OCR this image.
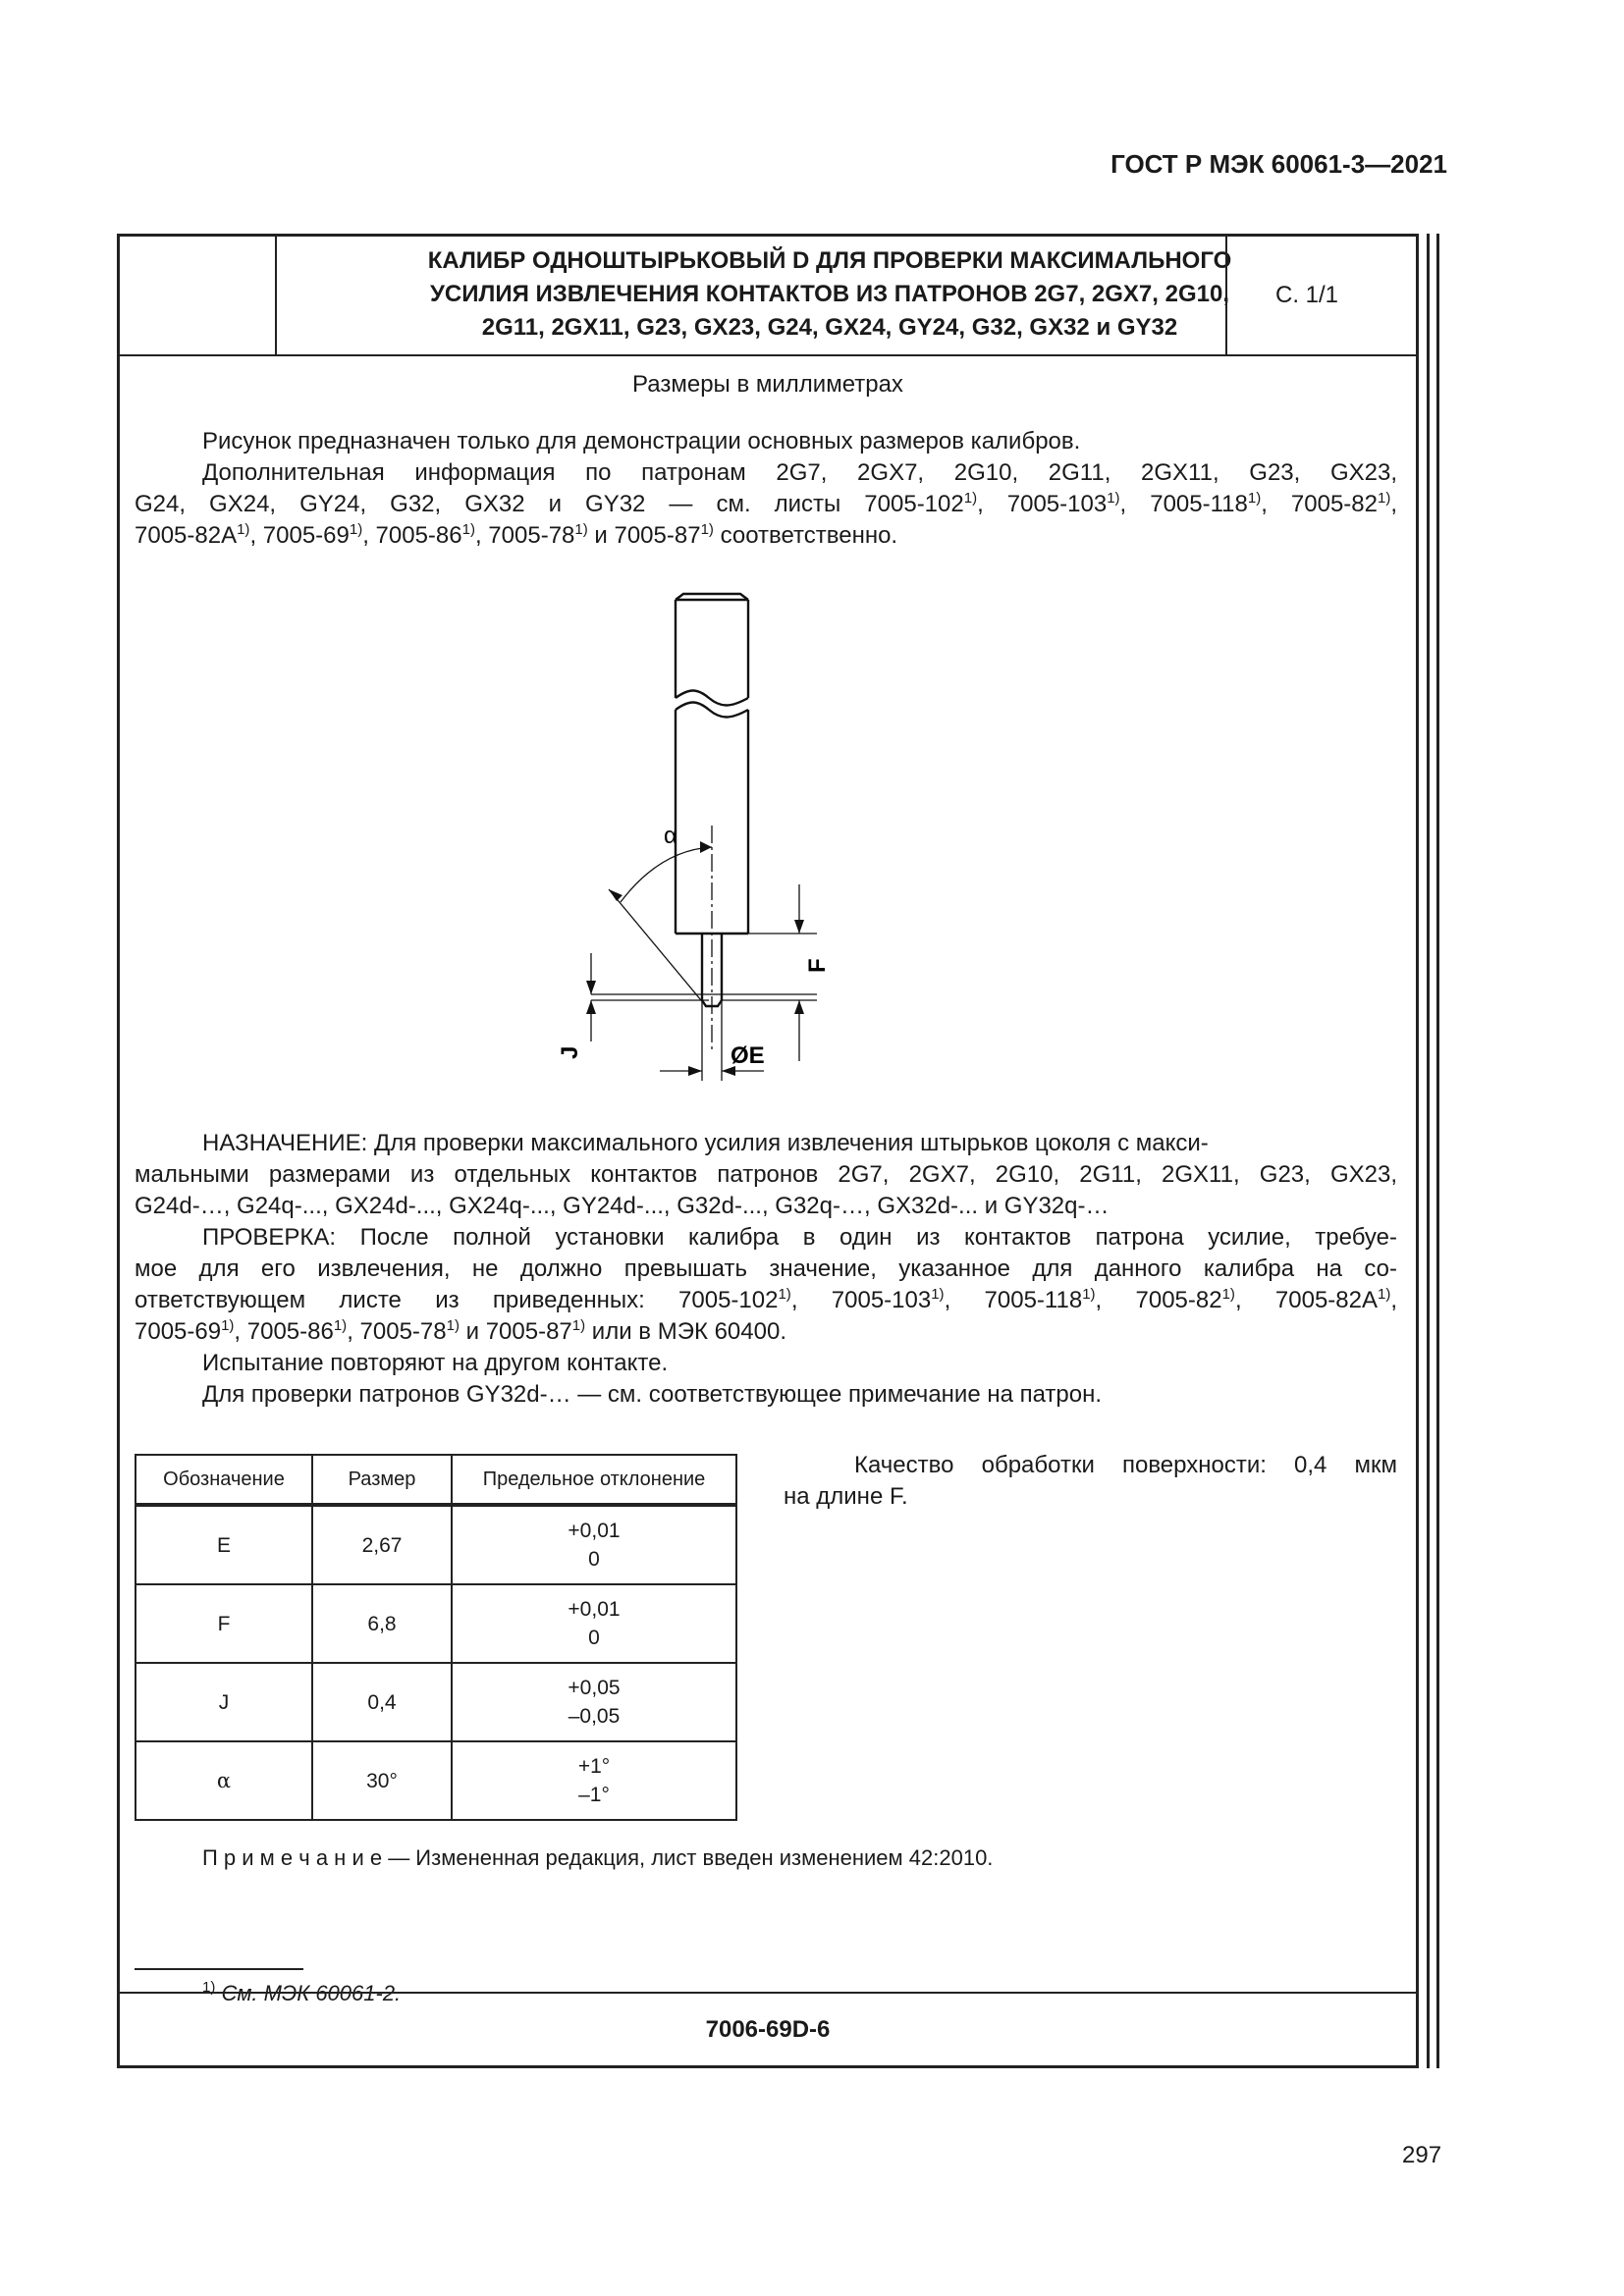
ГОСТ Р МЭК 60061-3—2021
КАЛИБР ОДНОШТЫРЬКОВЫЙ D ДЛЯ ПРОВЕРКИ МАКСИМАЛЬНОГО
УСИЛИЯ ИЗВЛЕЧЕНИЯ КОНТАКТОВ ИЗ ПАТРОНОВ 2G7, 2GX7, 2G10,
2G11, 2GX11, G23, GX23, G24, GX24, GY24, G32, GX32 и GY32
С. 1/1
Размеры в миллиметрах
Рисунок предназначен только для демонстрации основных размеров калибров.
Дополнительная информация по патронам 2G7, 2GX7, 2G10, 2G11, 2GX11, G23, GX23,
G24, GX24, GY24, G32, GX32 и GY32 — см. листы 7005-102$^{1)}$, 7005-103$^{1)}$, 7005-118$^{1)}$, 7005-82$^{1)}$,
$7005-82A^{1)}$, 7005-69$^{1)}$, 7005-86$^{1)}$, 7005-78$^{1)}$ и 7005-87$^{1)}$ соответственно.
α
F
J	ØE
НАЗНАЧЕНИЕ: Для проверки максимального усилия извлечения штырьков цоколя с макси-
мальными размерами из отдельных контактов патронов 2G7, 2GX7, 2G10, 2G11, 2GX11, G23, GX23,
G24d-…, G24q-..., GX24d-..., GX24q-..., GY24d-..., G32d-..., G32q-…, GX32d-... и GY32q-…
ПРОВЕРКА: После полной установки калибра в один из контактов патрона усилие, требуе-
мое для его извлечения, не должно превышать значение, указанное для данного калибра на со-
ответствующем листе из приведенных: 7005-102$^{1)}$, 7005-103$^{1)}$, 7005-118$^{1)}$, 7005-82$^{1)}$, $7005-82A^{1)}$,
7005-69$^{1)}$, 7005-86$^{1)}$, 7005-78$^{1)}$ и 7005-87$^{1)}$ или в МЭК 60400.
Испытание повторяют на другом контакте.
Для проверки патронов GY32d-… — см. соответствующее примечание на патрон.
Обозначение	Размер	Предельное отклонение
E	2,67	+0,01
0

F	6,8	+0,01
0

J	0,4	+0,05
–0,05

α	30°	+1°
–1°
Качество обработки поверхности: 0,4 мкм
на длине F.
П р и м е ч а н и е — Измененная редакция, лист введен изменением 42:2010.
$^{1)}$ См. МЭК 60061-2.
7006-69D-6
297
